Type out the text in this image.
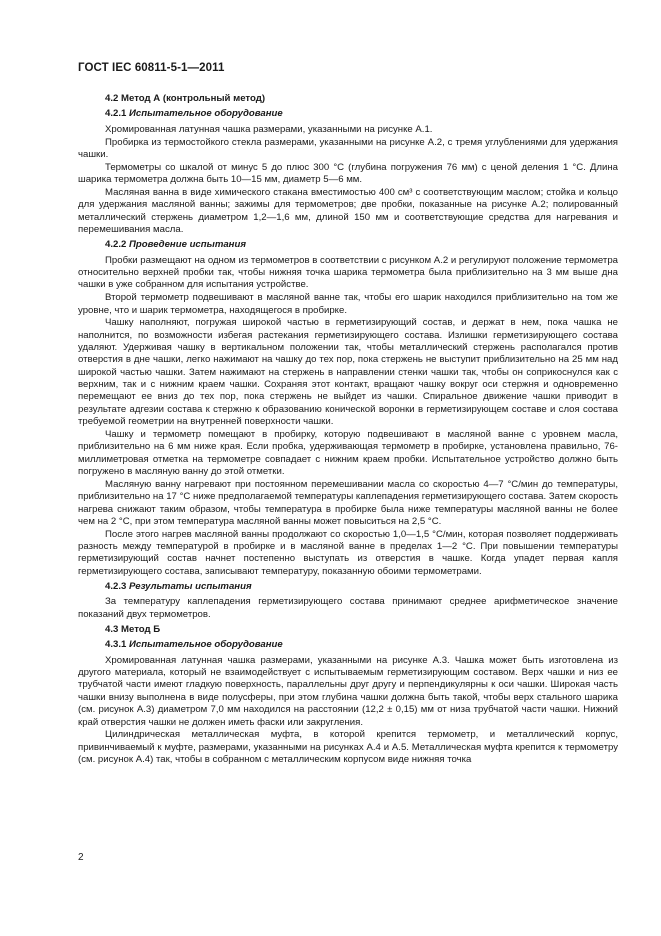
ГОСТ IEC 60811-5-1—2011
4.2 Метод А (контрольный метод)
4.2.1 Испытательное оборудование

Хромированная латунная чашка размерами, указанными на рисунке А.1.

Пробирка из термостойкого стекла размерами, указанными на рисунке А.2, с тремя углублениями для удержания чашки.

Термометры со шкалой от минус 5 до плюс 300 °С (глубина погружения 76 мм) с ценой деления 1 °С. Длина шарика термометра должна быть 10—15 мм, диаметр 5—6 мм.

Масляная ванна в виде химического стакана вместимостью 400 см³ с соответствующим маслом; стойка и кольцо для удержания масляной ванны; зажимы для термометров; две пробки, показанные на рисунке А.2; полированный металлический стержень диаметром 1,2—1,6 мм, длиной 150 мм и соответствующие средства для нагревания и перемешивания масла.

4.2.2 Проведение испытания

Пробки размещают на одном из термометров в соответствии с рисунком А.2 и регулируют положение термометра относительно верхней пробки так, чтобы нижняя точка шарика термометра была приблизительно на 3 мм выше дна чашки в уже собранном для испытания устройстве.

Второй термометр подвешивают в масляной ванне так, чтобы его шарик находился приблизительно на том же уровне, что и шарик термометра, находящегося в пробирке.

Чашку наполняют, погружая широкой частью в герметизирующий состав, и держат в нем, пока чашка не наполнится, по возможности избегая растекания герметизирующего состава. Излишки герметизирующего состава удаляют. Удерживая чашку в вертикальном положении так, чтобы металлический стержень располагался против отверстия в дне чашки, легко нажимают на чашку до тех пор, пока стержень не выступит приблизительно на 25 мм над широкой частью чашки. Затем нажимают на стержень в направлении стенки чашки так, чтобы он соприкоснулся как с верхним, так и с нижним краем чашки. Сохраняя этот контакт, вращают чашку вокруг оси стержня и одновременно перемещают ее вниз до тех пор, пока стержень не выйдет из чашки. Спиральное движение чашки приводит в результате адгезии состава к стержню к образованию конической воронки в герметизирующем составе и слоя состава требуемой геометрии на внутренней поверхности чашки.

Чашку и термометр помещают в пробирку, которую подвешивают в масляной ванне с уровнем масла, приблизительно на 6 мм ниже края. Если пробка, удерживающая термометр в пробирке, установлена правильно, 76-миллиметровая отметка на термометре совпадает с нижним краем пробки. Испытательное устройство должно быть погружено в масляную ванну до этой отметки.

Масляную ванну нагревают при постоянном перемешивании масла со скоростью 4—7 °С/мин до температуры, приблизительно на 17 °С ниже предполагаемой температуры каплепадения герметизирующего состава. Затем скорость нагрева снижают таким образом, чтобы температура в пробирке была ниже температуры масляной ванны не более чем на 2 °С, при этом температура масляной ванны может повыситься на 2,5 °С.

После этого нагрев масляной ванны продолжают со скоростью 1,0—1,5 °С/мин, которая позволяет поддерживать разность между температурой в пробирке и в масляной ванне в пределах 1—2 °С. При повышении температуры герметизирующий состав начнет постепенно выступать из отверстия в чашке. Когда упадет первая капля герметизирующего состава, записывают температуру, показанную обоими термометрами.

4.2.3 Результаты испытания

За температуру каплепадения герметизирующего состава принимают среднее арифметическое значение показаний двух термометров.

4.3 Метод Б
4.3.1 Испытательное оборудование

Хромированная латунная чашка размерами, указанными на рисунке А.3. Чашка может быть изготовлена из другого материала, который не взаимодействует с испытываемым герметизирующим составом. Верх чашки и низ ее трубчатой части имеют гладкую поверхность, параллельны друг другу и перпендикулярны к оси чашки. Широкая часть чашки внизу выполнена в виде полусферы, при этом глубина чашки должна быть такой, чтобы верх стального шарика (см. рисунок А.3) диаметром 7,0 мм находился на расстоянии (12,2 ± 0,15) мм от низа трубчатой части чашки. Нижний край отверстия чашки не должен иметь фаски или закругления.

Цилиндрическая металлическая муфта, в которой крепится термометр, и металлический корпус, привинчиваемый к муфте, размерами, указанными на рисунках А.4 и А.5. Металлическая муфта крепится к термометру (см. рисунок А.4) так, чтобы в собранном с металлическим корпусом виде нижняя точка

2
